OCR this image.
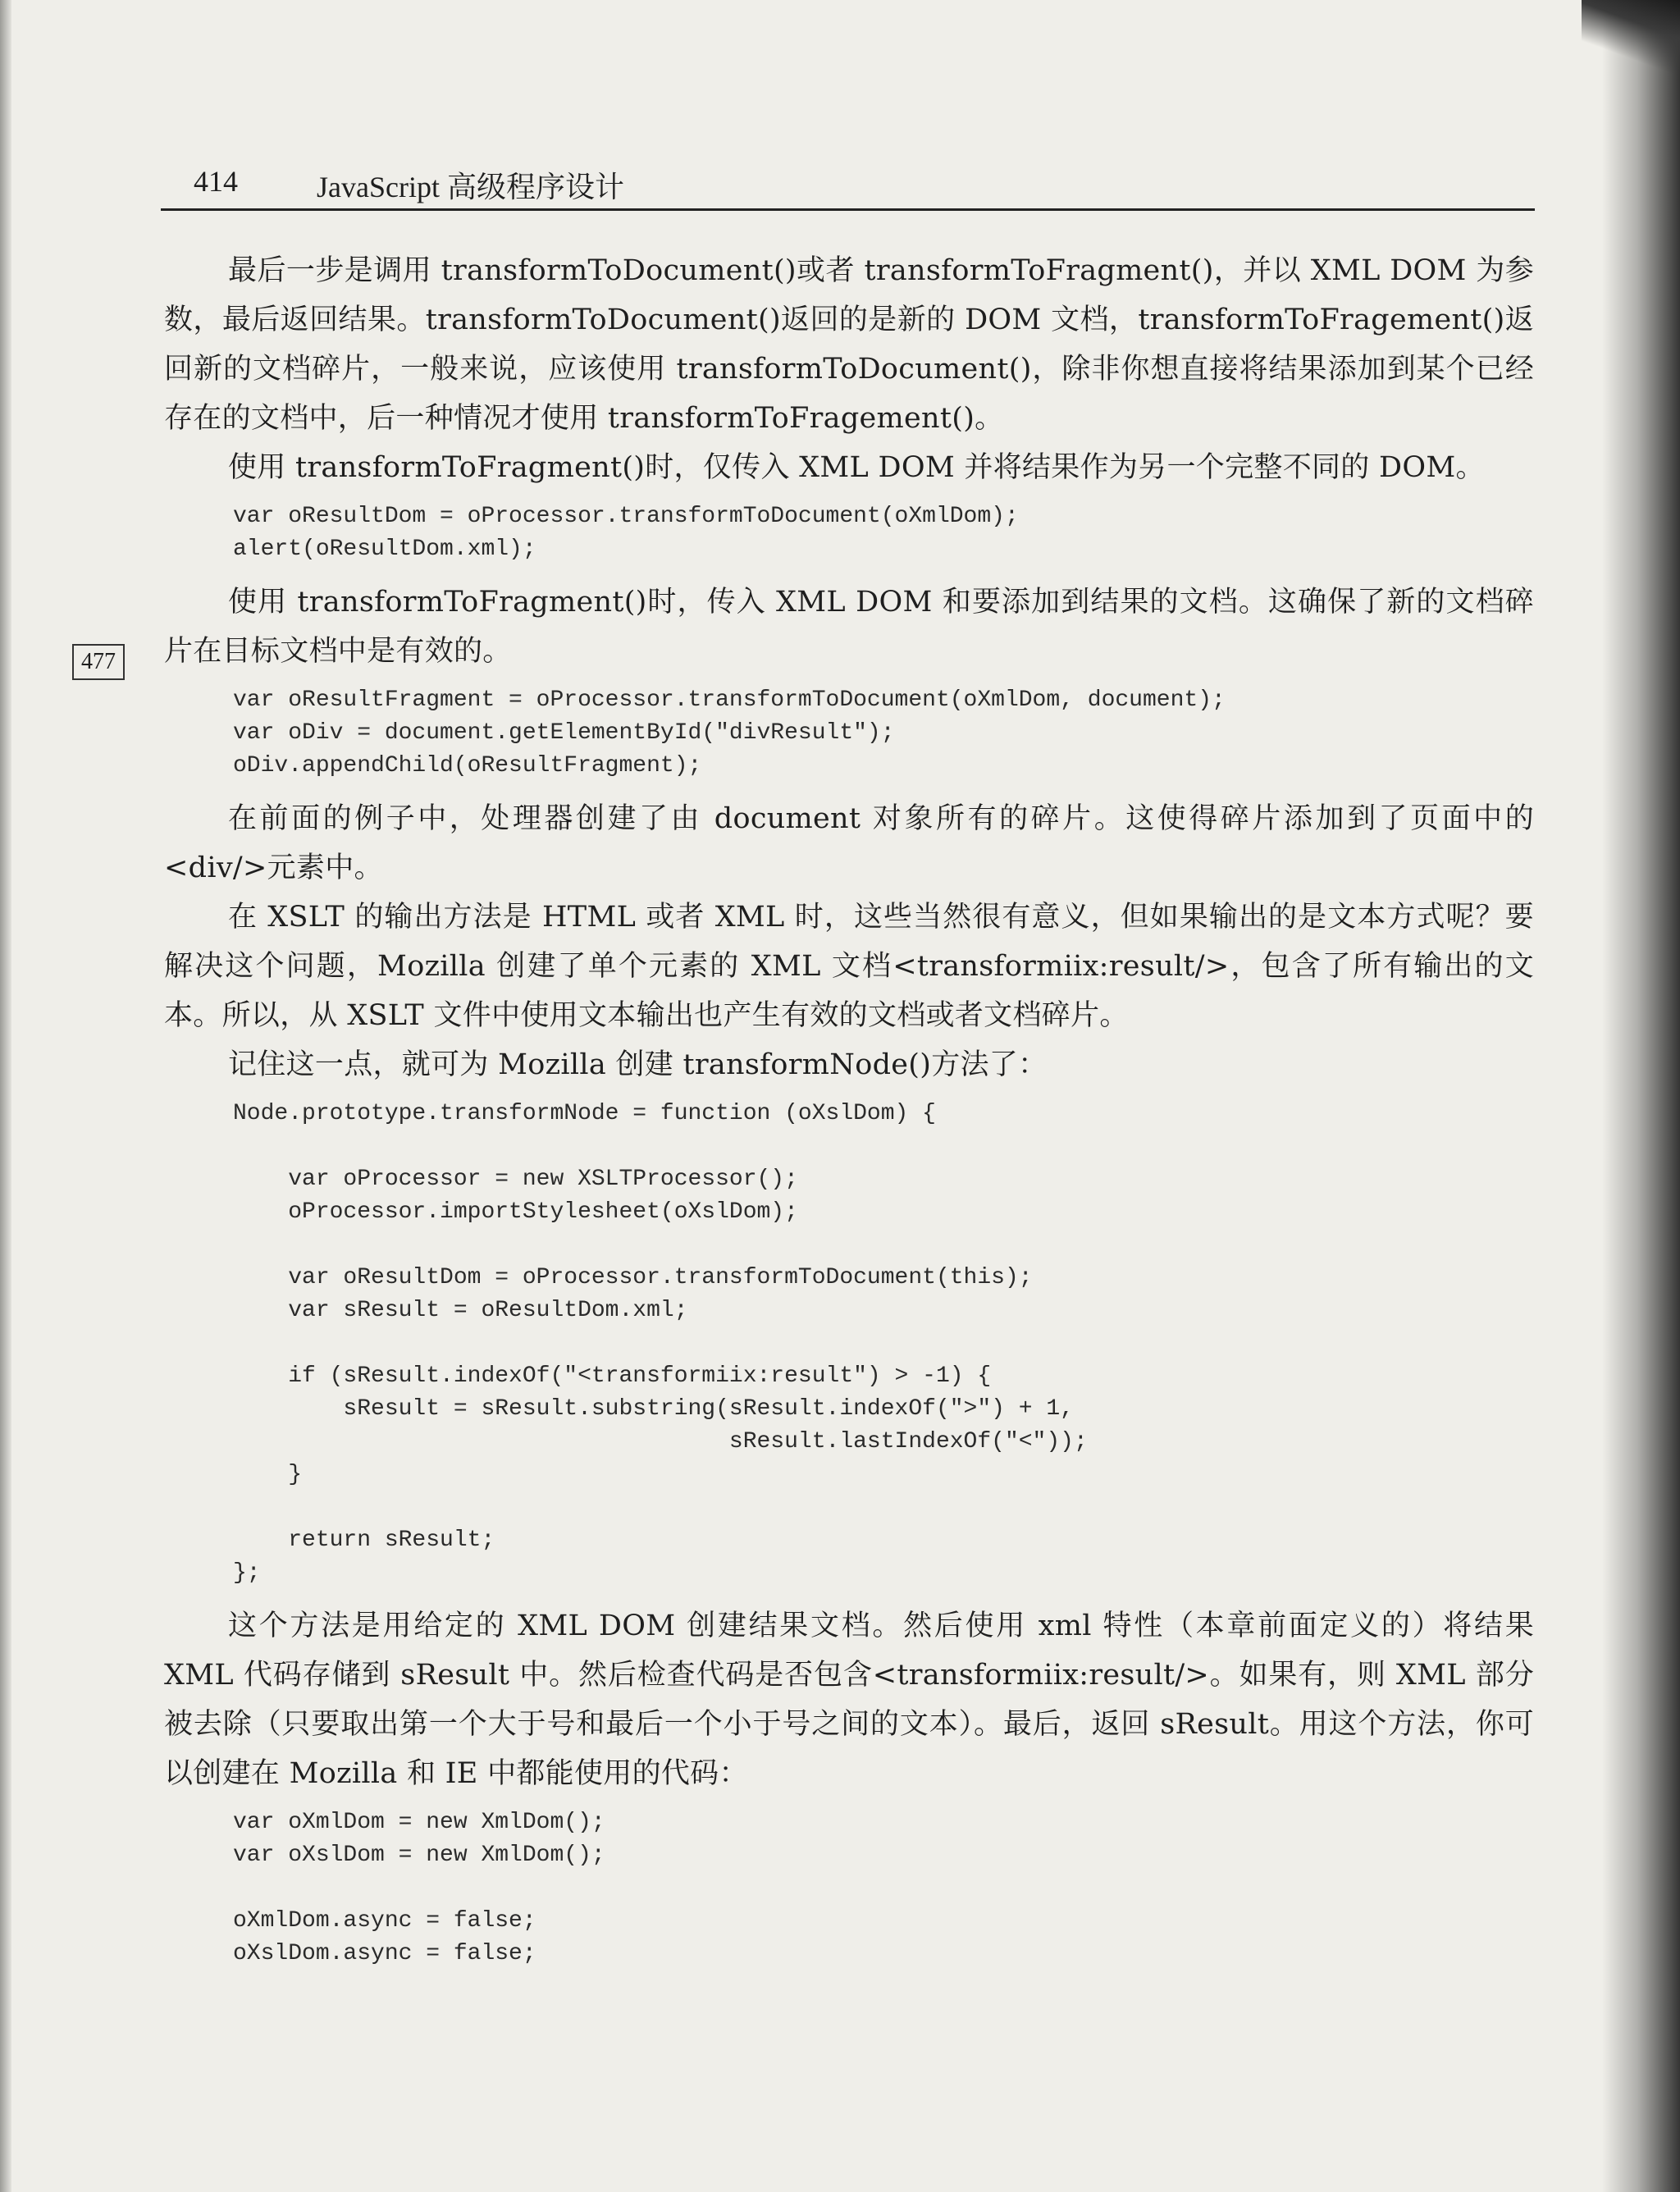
414	JavaScript 高级程序设计
477

最后一步是调用 transformToDocument()或者 transformToFragment()，并以 XML DOM 为参数，最后返回结果。transformToDocument()返回的是新的 DOM 文档，transformToFragement()返回新的文档碎片，一般来说，应该使用 transformToDocument()，除非你想直接将结果添加到某个已经存在的文档中，后一种情况才使用 transformToFragement()。

使用 transformToFragment()时，仅传入 XML DOM 并将结果作为另一个完整不同的 DOM。

var oResultDom = oProcessor.transformToDocument(oXmlDom);
alert(oResultDom.xml);

使用 transformToFragment()时，传入 XML DOM 和要添加到结果的文档。这确保了新的文档碎片在目标文档中是有效的。

var oResultFragment = oProcessor.transformToDocument(oXmlDom, document);
var oDiv = document.getElementById("divResult");
oDiv.appendChild(oResultFragment);

在前面的例子中，处理器创建了由 document 对象所有的碎片。这使得碎片添加到了页面中的<div/>元素中。

在 XSLT 的输出方法是 HTML 或者 XML 时，这些当然很有意义，但如果输出的是文本方式呢？要解决这个问题，Mozilla 创建了单个元素的 XML 文档<transformiix:result/>，包含了所有输出的文本。所以，从 XSLT 文件中使用文本输出也产生有效的文档或者文档碎片。

记住这一点，就可为 Mozilla 创建 transformNode()方法了：

Node.prototype.transformNode = function (oXslDom) {

var oProcessor = new XSLTProcessor();
oProcessor.importStylesheet(oXslDom);

var oResultDom = oProcessor.transformToDocument(this);
var sResult = oResultDom.xml;

if (sResult.indexOf("<transformiix:result") > -1) {
sResult = sResult.substring(sResult.indexOf(">") + 1,
sResult.lastIndexOf("<"));
}

return sResult;
};

这个方法是用给定的 XML DOM 创建结果文档。然后使用 xml 特性（本章前面定义的）将结果 XML 代码存储到 sResult 中。然后检查代码是否包含<transformiix:result/>。如果有，则 XML 部分被去除（只要取出第一个大于号和最后一个小于号之间的文本）。最后，返回 sResult。用这个方法，你可以创建在 Mozilla 和 IE 中都能使用的代码：

var oXmlDom = new XmlDom();
var oXslDom = new XmlDom();

oXmlDom.async = false;
oXslDom.async = false;
